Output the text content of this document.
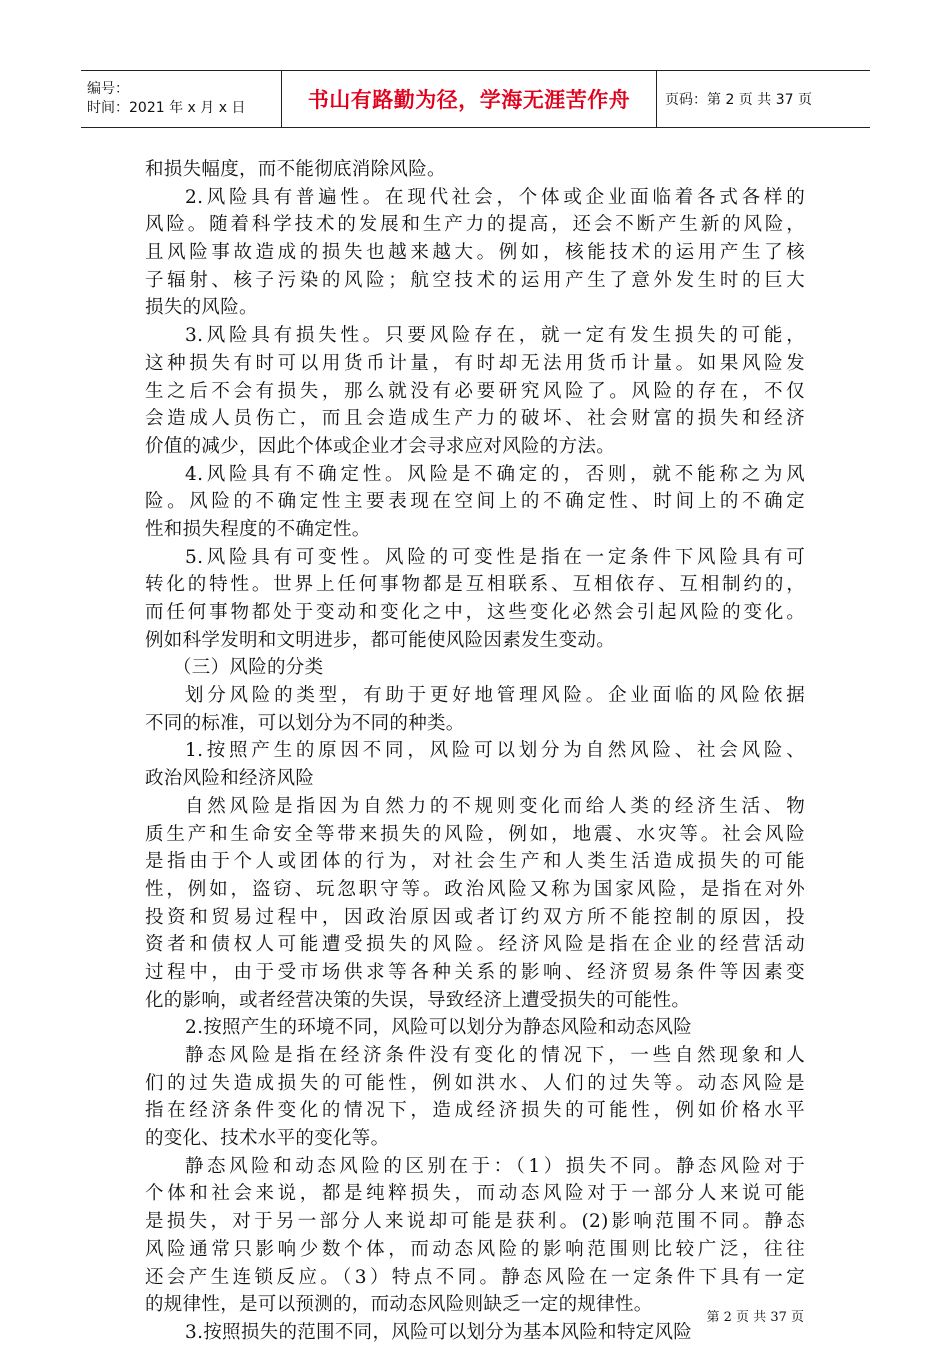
编号：
时间：2021 年 x 月 x 日	书山有路勤为径，学海无涯苦作舟 页码：第 2 页 共 37 页
和损失幅度，而不能彻底消除风险。
2.风险具有普遍性。在现代社会，个体或企业面临着各式各样的
风险。随着科学技术的发展和生产力的提高，还会不断产生新的风险，
且风险事故造成的损失也越来越大。例如，核能技术的运用产生了核
子辐射、核子污染的风险；航空技术的运用产生了意外发生时的巨大
损失的风险。
3.风险具有损失性。只要风险存在，就一定有发生损失的可能，
这种损失有时可以用货币计量，有时却无法用货币计量。如果风险发
生之后不会有损失，那么就没有必要研究风险了。风险的存在，不仅
会造成人员伤亡，而且会造成生产力的破坏、社会财富的损失和经济
价值的减少，因此个体或企业才会寻求应对风险的方法。
4.风险具有不确定性。风险是不确定的，否则，就不能称之为风
险。风险的不确定性主要表现在空间上的不确定性、时间上的不确定
性和损失程度的不确定性。
5.风险具有可变性。风险的可变性是指在一定条件下风险具有可
转化的特性。世界上任何事物都是互相联系、互相依存、互相制约的，
而任何事物都处于变动和变化之中，这些变化必然会引起风险的变化。
例如科学发明和文明进步，都可能使风险因素发生变动。
（三）风险的分类
划分风险的类型，有助于更好地管理风险。企业面临的风险依据
不同的标准，可以划分为不同的种类。
1.按照产生的原因不同，风险可以划分为自然风险、社会风险、
政治风险和经济风险
自然风险是指因为自然力的不规则变化而给人类的经济生活、物
质生产和生命安全等带来损失的风险，例如，地震、水灾等。社会风险
是指由于个人或团体的行为，对社会生产和人类生活造成损失的可能
性，例如，盗窃、玩忽职守等。政治风险又称为国家风险，是指在对外
投资和贸易过程中，因政治原因或者订约双方所不能控制的原因，投
资者和债权人可能遭受损失的风险。经济风险是指在企业的经营活动
过程中，由于受市场供求等各种关系的影响、经济贸易条件等因素变
化的影响，或者经营决策的失误，导致经济上遭受损失的可能性。
2.按照产生的环境不同，风险可以划分为静态风险和动态风险
静态风险是指在经济条件没有变化的情况下，一些自然现象和人
们的过失造成损失的可能性，例如洪水、人们的过失等。动态风险是
指在经济条件变化的情况下，造成经济损失的可能性，例如价格水平
的变化、技术水平的变化等。
静态风险和动态风险的区别在于：（1）损失不同。静态风险对于
个体和社会来说，都是纯粹损失，而动态风险对于一部分人来说可能
是损失，对于另一部分人来说却可能是获利。(2)影响范围不同。静态
风险通常只影响少数个体，而动态风险的影响范围则比较广泛，往往
还会产生连锁反应。（3）特点不同。静态风险在一定条件下具有一定
的规律性，是可以预测的，而动态风险则缺乏一定的规律性。
3.按照损失的范围不同，风险可以划分为基本风险和特定风险
第 2 页 共 37 页
